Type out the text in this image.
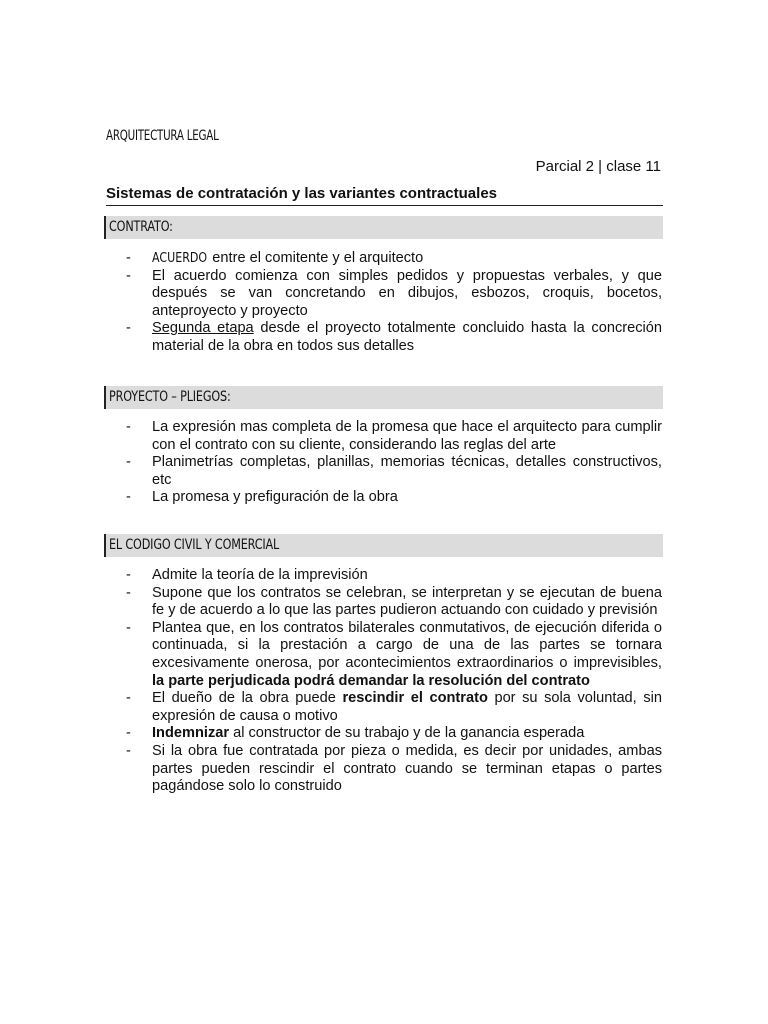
ARQUITECTURA LEGAL
Parcial 2 | clase 11
Sistemas de contratación y las variantes contractuales
CONTRATO:
- ACUERDO entre el comitente y el arquitecto
- El acuerdo comienza con simples pedidos y propuestas verbales, y que después se van concretando en dibujos, esbozos, croquis, bocetos, anteproyecto y proyecto
- Segunda etapa desde el proyecto totalmente concluido hasta la concreción material de la obra en todos sus detalles
PROYECTO – PLIEGOS:
- La expresión mas completa de la promesa que hace el arquitecto para cumplir con el contrato con su cliente, considerando las reglas del arte
- Planimetrías completas, planillas, memorias técnicas, detalles constructivos, etc
- La promesa y prefiguración de la obra
EL CODIGO CIVIL Y COMERCIAL
- Admite la teoría de la imprevisión
- Supone que los contratos se celebran, se interpretan y se ejecutan de buena fe y de acuerdo a lo que las partes pudieron actuando con cuidado y previsión
- Plantea que, en los contratos bilaterales conmutativos, de ejecución diferida o continuada, si la prestación a cargo de una de las partes se tornara excesivamente onerosa, por acontecimientos extraordinarios o imprevisibles, la parte perjudicada podrá demandar la resolución del contrato
- El dueño de la obra puede rescindir el contrato por su sola voluntad, sin expresión de causa o motivo
- Indemnizar al constructor de su trabajo y de la ganancia esperada
- Si la obra fue contratada por pieza o medida, es decir por unidades, ambas partes pueden rescindir el contrato cuando se terminan etapas o partes pagándose solo lo construido
